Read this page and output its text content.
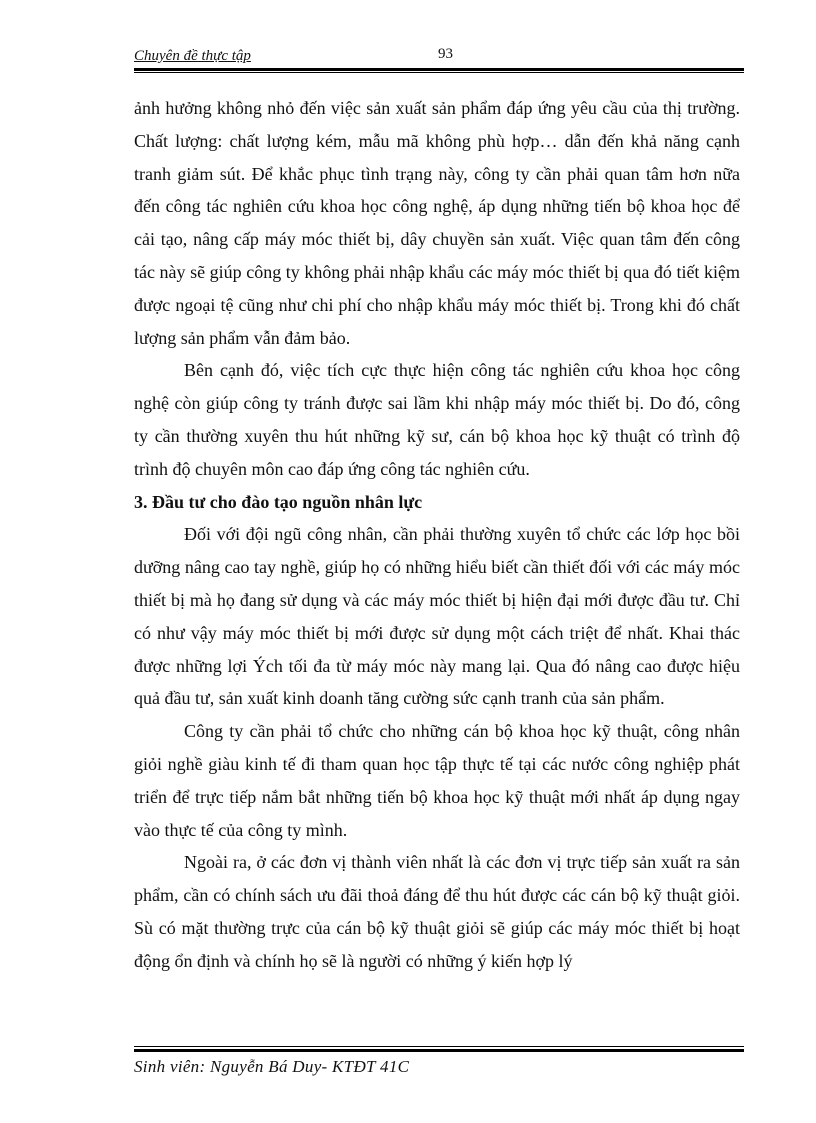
Chuyên đề thực tập	93

ảnh hưởng không nhỏ đến việc sản xuất sản phẩm đáp ứng yêu cầu của thị trường. Chất lượng: chất lượng kém, mẫu mã không phù hợp… dẫn đến khả năng cạnh tranh giảm sút. Để khắc phục tình trạng này, công ty cần phải quan tâm hơn nữa đến công tác nghiên cứu khoa học công nghệ, áp dụng những tiến bộ khoa học để cải tạo, nâng cấp máy móc thiết bị, dây chuyền sản xuất. Việc quan tâm đến công tác này sẽ giúp công ty không phải nhập khẩu các máy móc thiết bị qua đó tiết kiệm được ngoại tệ cũng như chi phí cho nhập khẩu máy móc thiết bị. Trong khi đó chất lượng sản phẩm vẫn đảm bảo.

Bên cạnh đó, việc tích cực thực hiện công tác nghiên cứu khoa học công nghệ còn giúp công ty tránh được sai lầm khi nhập máy móc thiết bị. Do đó, công ty cần thường xuyên thu hút những kỹ sư, cán bộ khoa học kỹ thuật có trình độ trình độ chuyên môn cao đáp ứng công tác nghiên cứu.

3. Đầu tư cho đào tạo nguồn nhân lực

Đối với đội ngũ công nhân, cần phải thường xuyên tổ chức các lớp học bồi dưỡng nâng cao tay nghề, giúp họ có những hiểu biết cần thiết đối với các máy móc thiết bị mà họ đang sử dụng và các máy móc thiết bị hiện đại mới được đầu tư. Chỉ có như vậy máy móc thiết bị mới được sử dụng một cách triệt để nhất. Khai thác được những lợi Ých tối đa từ máy móc này mang lại. Qua đó nâng cao được hiệu quả đầu tư, sản xuất kinh doanh tăng cường sức cạnh tranh của sản phẩm.

Công ty cần phải tổ chức cho những cán bộ khoa học kỹ thuật, công nhân giỏi nghề giàu kinh tế đi tham quan học tập thực tế tại các nước công nghiệp phát triển để trực tiếp nắm bắt những tiến bộ khoa học kỹ thuật mới nhất áp dụng ngay vào thực tế của công ty mình.

Ngoài ra, ở các đơn vị thành viên nhất là các đơn vị trực tiếp sản xuất ra sản phẩm, cần có chính sách ưu đãi thoả đáng để thu hút được các cán bộ kỹ thuật giỏi. Sù có mặt thường trực của cán bộ kỹ thuật giỏi sẽ giúp các máy móc thiết bị hoạt động ổn định và chính họ sẽ là người có những ý kiến hợp lý

Sinh viên: Nguyễn Bá Duy- KTĐT 41C
